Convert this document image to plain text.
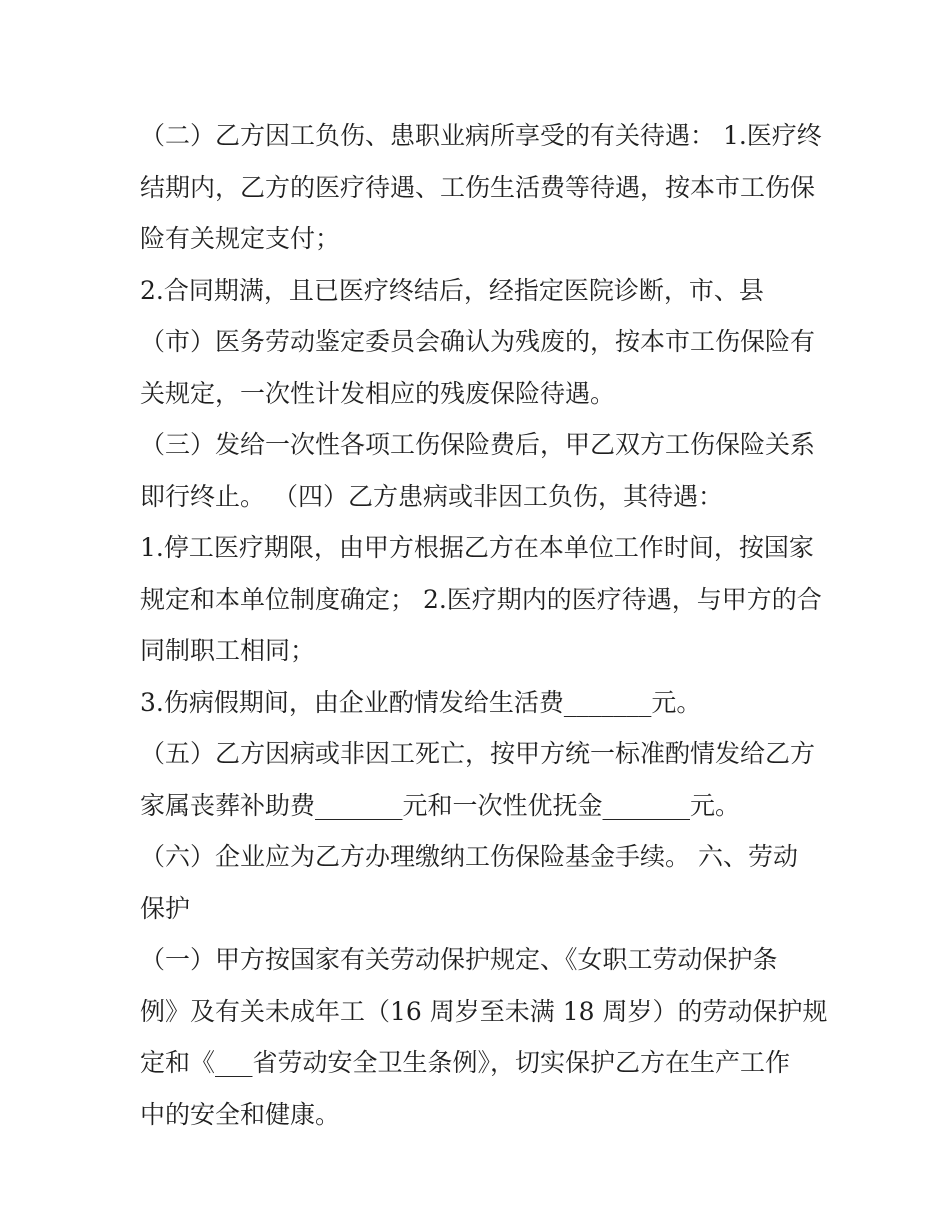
（二）乙方因工负伤、患职业病所享受的有关待遇： 1.医疗终
结期内，乙方的医疗待遇、工伤生活费等待遇，按本市工伤保
险有关规定支付；
2.合同期满，且已医疗终结后，经指定医院诊断，市、县
（市）医务劳动鉴定委员会确认为残废的，按本市工伤保险有
关规定，一次性计发相应的残废保险待遇。
（三）发给一次性各项工伤保险费后，甲乙双方工伤保险关系
即行终止。 （四）乙方患病或非因工负伤，其待遇：
1.停工医疗期限，由甲方根据乙方在本单位工作时间，按国家
规定和本单位制度确定； 2.医疗期内的医疗待遇，与甲方的合
同制职工相同；
3.伤病假期间，由企业酌情发给生活费_______元。
（五）乙方因病或非因工死亡，按甲方统一标准酌情发给乙方
家属丧葬补助费_______元和一次性优抚金_______元。
（六）企业应为乙方办理缴纳工伤保险基金手续。 六、劳动
保护
（一）甲方按国家有关劳动保护规定、《女职工劳动保护条
例》及有关未成年工（16 周岁至未满 18 周岁）的劳动保护规
定和《___省劳动安全卫生条例》，切实保护乙方在生产工作
中的安全和健康。
